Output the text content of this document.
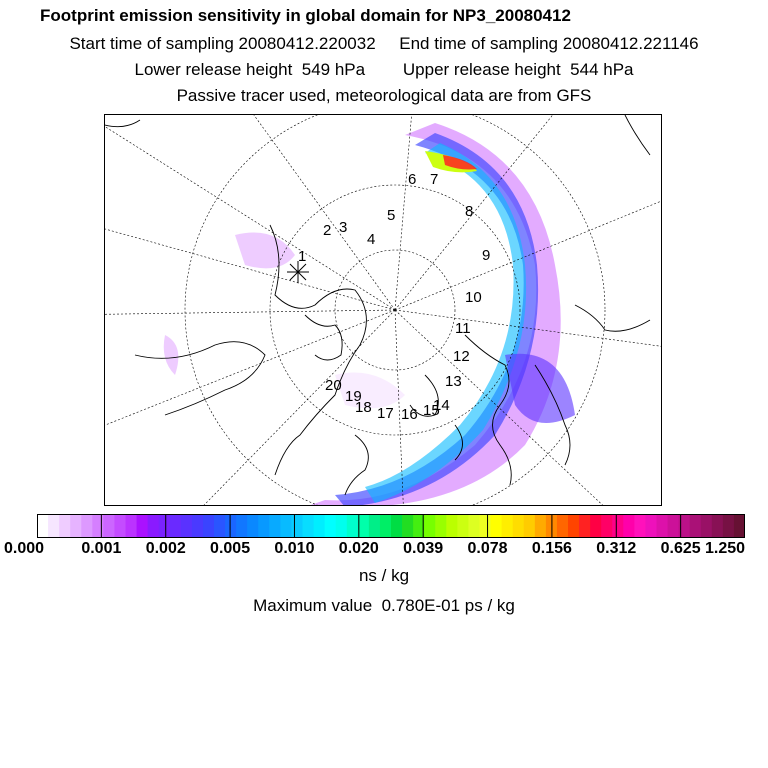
Footprint emission sensitivity in global domain for NP3_20080412
Start time of sampling 20080412.220032     End time of sampling 20080412.221146
Lower release height  549 hPa        Upper release height  544 hPa
Passive tracer used, meteorological data are from GFS
2 3
4
5
6 7
8
9
10
11
12
13
14
15
16
17
18
19
20
1
0.000 0.001 0.002 0.005 0.010 0.020 0.039 0.078 0.156 0.312 0.625 1.250
ns / kg
Maximum value  0.780E-01 ps / kg
